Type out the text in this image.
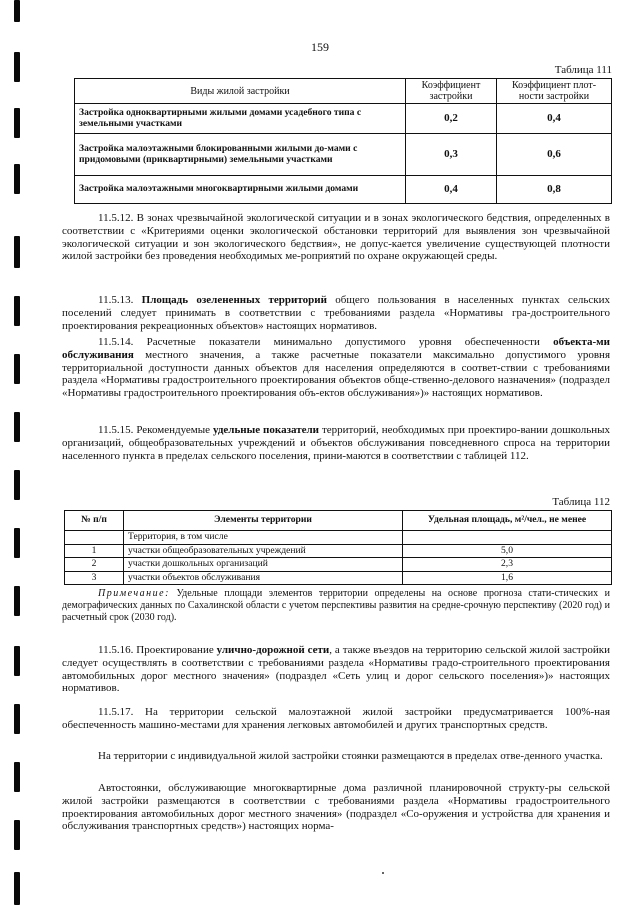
159
Таблица 111
Виды жилой застройки	Коэффициент застройки	Коэффициент плот-ности застройки
Застройка одноквартирными жилыми домами усадебного типа с земельными участками	0,2	0,4
Застройка малоэтажными блокированными жилыми до-мами с придомовыми (приквартирными) земельными участками	0,3	0,6
Застройка малоэтажными многоквартирными жилыми домами	0,4	0,8

11.5.12. В зонах чрезвычайной экологической ситуации и в зонах экологического бедствия, определенных в соответствии с «Критериями оценки экологической обстановки территорий для выявления зон чрезвычайной экологической ситуации и зон экологического бедствия», не допус-кается увеличение существующей плотности жилой застройки без проведения необходимых ме-роприятий по охране окружающей среды.

11.5.13. Площадь озелененных территорий общего пользования в населенных пунктах сельских поселений следует принимать в соответствии с требованиями раздела «Нормативы гра-достроительного проектирования рекреационных объектов» настоящих нормативов.

11.5.14. Расчетные показатели минимально допустимого уровня обеспеченности объекта-ми обслуживания местного значения, а также расчетные показатели максимально допустимого уровня территориальной доступности данных объектов для населения определяются в соответ-ствии с требованиями раздела «Нормативы градостроительного проектирования объектов обще-ственно-делового назначения» (подраздел «Нормативы градостроительного проектирования объ-ектов обслуживания»)» настоящих нормативов.

11.5.15. Рекомендуемые удельные показатели территорий, необходимых при проектиро-вании дошкольных организаций, общеобразовательных учреждений и объектов обслуживания повседневного спроса на территории населенного пункта в пределах сельского поселения, прини-маются в соответствии с таблицей 112.

Таблица 112
№ п/п	Элементы территории	Удельная площадь, м²/чел., не менее
	Территория, в том числе	
1	участки общеобразовательных учреждений	5,0
2	участки дошкольных организаций	2,3
3	участки объектов обслуживания	1,6

Примечание: Удельные площади элементов территории определены на основе прогноза стати-стических и демографических данных по Сахалинской области с учетом перспективы развития на средне-срочную перспективу (2020 год) и расчетный срок (2030 год).

11.5.16. Проектирование улично-дорожной сети, а также въездов на территорию сельской жилой застройки следует осуществлять в соответствии с требованиями раздела «Нормативы градо-строительного проектирования автомобильных дорог местного значения» (подраздел «Сеть улиц и дорог сельского поселения»)» настоящих нормативов.

11.5.17. На территории сельской малоэтажной жилой застройки предусматривается 100%-ная обеспеченность машино-местами для хранения легковых автомобилей и других транспортных средств.

На территории с индивидуальной жилой застройки стоянки размещаются в пределах отве-денного участка.

Автостоянки, обслуживающие многоквартирные дома различной планировочной структу-ры сельской жилой застройки размещаются в соответствии с требованиями раздела «Нормативы градостроительного проектирования автомобильных дорог местного значения» (подраздел «Со-оружения и устройства для хранения и обслуживания транспортных средств») настоящих норма-
